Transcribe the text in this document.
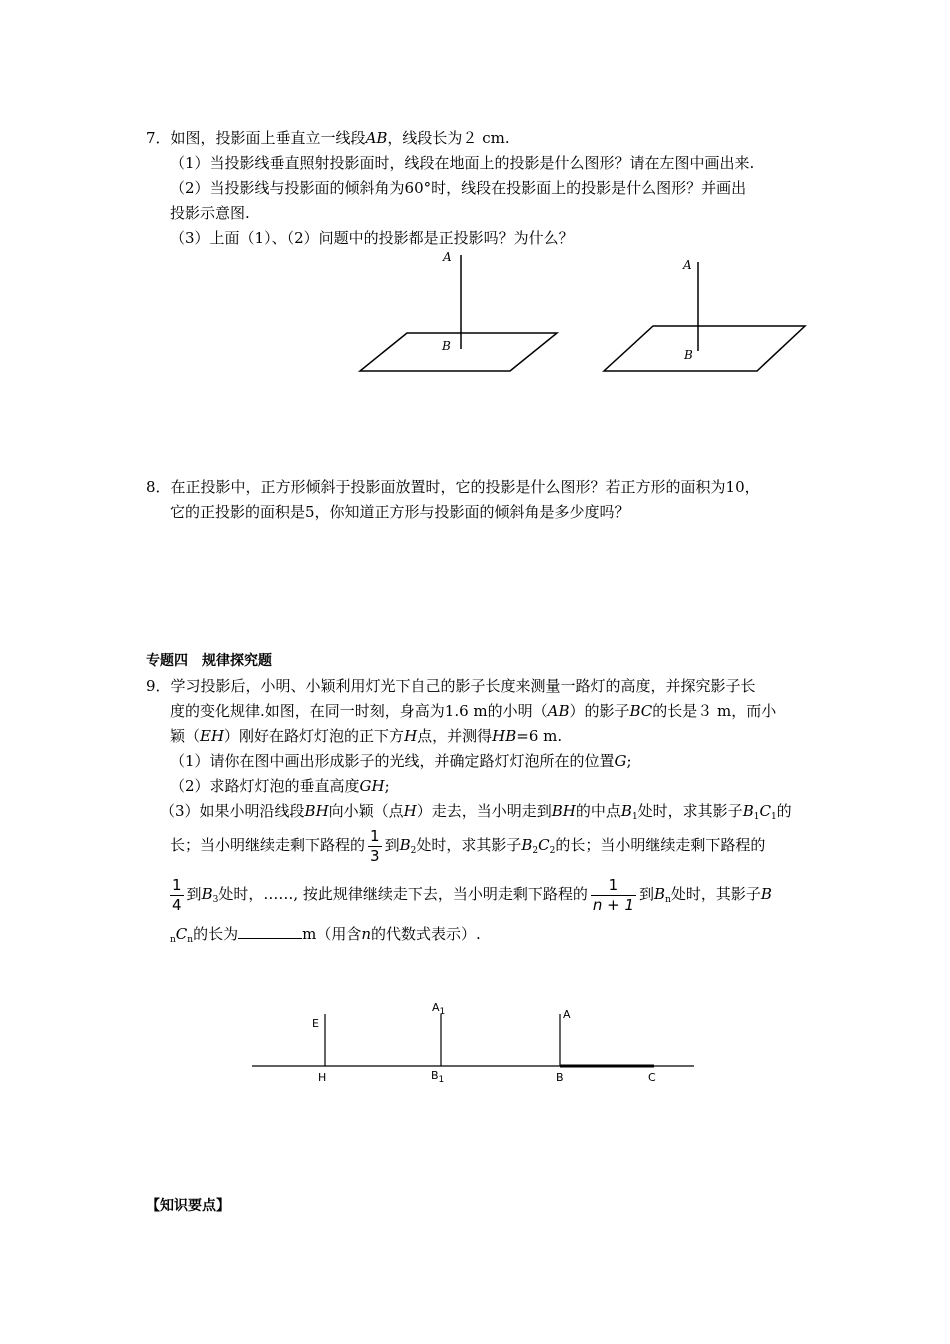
7．如图，投影面上垂直立一线段AB，线段长为２ cm.
（1）当投影线垂直照射投影面时，线段在地面上的投影是什么图形？请在左图中画出来.
（2）当投影线与投影面的倾斜角为60°时，线段在投影面上的投影是什么图形？并画出
投影示意图.
（3）上面（1）、（2）问题中的投影都是正投影吗？为什么？
A
B
A
B
8．在正投影中，正方形倾斜于投影面放置时，它的投影是什么图形？若正方形的面积为10，
它的正投影的面积是5，你知道正方形与投影面的倾斜角是多少度吗？
专题四　规律探究题
9．学习投影后，小明、小颖利用灯光下自己的影子长度来测量一路灯的高度，并探究影子长
度的变化规律.如图，在同一时刻，身高为1.6 m的小明（AB）的影子BC的长是３ m，而小
颖（EH）刚好在路灯灯泡的正下方H点，并测得HB=6 m.
（1）请你在图中画出形成影子的光线，并确定路灯灯泡所在的位置G;
（2）求路灯灯泡的垂直高度GH;
（3）如果小明沿线段BH向小颖（点H）走去，当小明走到BH的中点$B_1$处时，求其影子$B_1C_1$的
长；当小明继续走剩下路程的 $\frac{1}{3}$ 到$B_2$处时，求其影子$B_2C_2$的长；当小明继续走剩下路程的
$\frac{1}{4}$ 到$B_3$处时，……, 按此规律继续走下去，当小明走剩下路程的 $\frac{1}{n + 1}$ 到$B_n$处时，其影子B
$_nC_n$的长为	m（用含n的代数式表示）.
E
H
$A_1$
$B_1$
A
B	C
【知识要点】
